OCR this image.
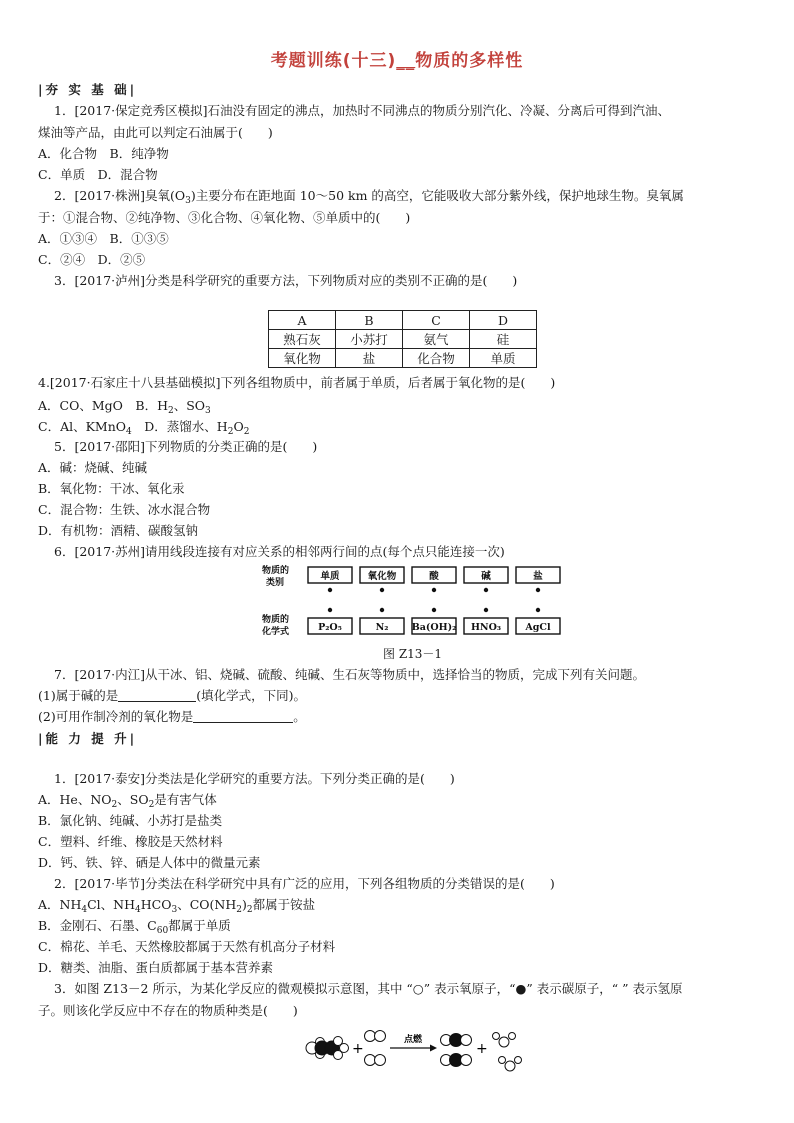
考题训练(十三)__物质的多样性
|夯 实 基 础|
1．[2017·保定竞秀区模拟]石油没有固定的沸点，加热时不同沸点的物质分别汽化、冷凝、分离后可得到汽油、
煤油等产品，由此可以判定石油属于(　　)
A．化合物　B．纯净物
C．单质　D．混合物
2．[2017·株洲]臭氧$(O_3)$主要分布在距地面 10～50 km 的高空，它能吸收大部分紫外线，保护地球生物。臭氧属
于：①混合物、②纯净物、③化合物、④氧化物、⑤单质中的(　　)
A．①③④　B．①③⑤
C．②④　D．②⑤
3．[2017·泸州]分类是科学研究的重要方法，下列物质对应的类别不正确的是(　　)
A	B	C	D
熟石灰	小苏打	氨气	硅
氧化物	盐	化合物	单质
4.[2017·石家庄十八县基础模拟]下列各组物质中，前者属于单质，后者属于氧化物的是(　　)
A．CO、MgO　B．$H_2$、$SO_3$
C．Al、KMnO$_4$　D．蒸馏水、$H_2O_2$
5．[2017·邵阳]下列物质的分类正确的是(　　)
A．碱：烧碱、纯碱
B．氧化物：干冰、氧化汞
C．混合物：生铁、冰水混合物
D．有机物：酒精、碳酸氢钠
6．[2017·苏州]请用线段连接有对应关系的相邻两行间的点(每个点只能连接一次)
物质的
类别
物质的
化学式
单质	氧化物	酸	碱	盐
P₂O₅	N₂ Ba(OH)₂ HNO₃	AgCl
图 Z13－1
7．[2017·内江]从干冰、铝、烧碱、硫酸、纯碱、生石灰等物质中，选择恰当的物质，完成下列有关问题。
(1)属于碱的是	(填化学式，下同)。
(2)可用作制冷剂的氧化物是	。
|能 力 提 升|
1．[2017·泰安]分类法是化学研究的重要方法。下列分类正确的是(　　)
A．He、$NO_2$、$SO_2$是有害气体
B．氯化钠、纯碱、小苏打是盐类
C．塑料、纤维、橡胶是天然材料
D．钙、铁、锌、硒是人体中的微量元素
2．[2017·毕节]分类法在科学研究中具有广泛的应用，下列各组物质的分类错误的是(　　)
A．$NH_4Cl$、$NH_4HCO_3$、$CO(NH_2)_2$都属于铵盐
B．金刚石、石墨、$C_{60}$都属于单质
C．棉花、羊毛、天然橡胶都属于天然有机高分子材料
D．糖类、油脂、蛋白质都属于基本营养素
3．如图 Z13－2 所示，为某化学反应的微观模拟示意图，其中 “○” 表示氧原子，“●” 表示碳原子，“ ” 表示氢原
子。则该化学反应中不存在的物质种类是(　　)
+
点燃
+
